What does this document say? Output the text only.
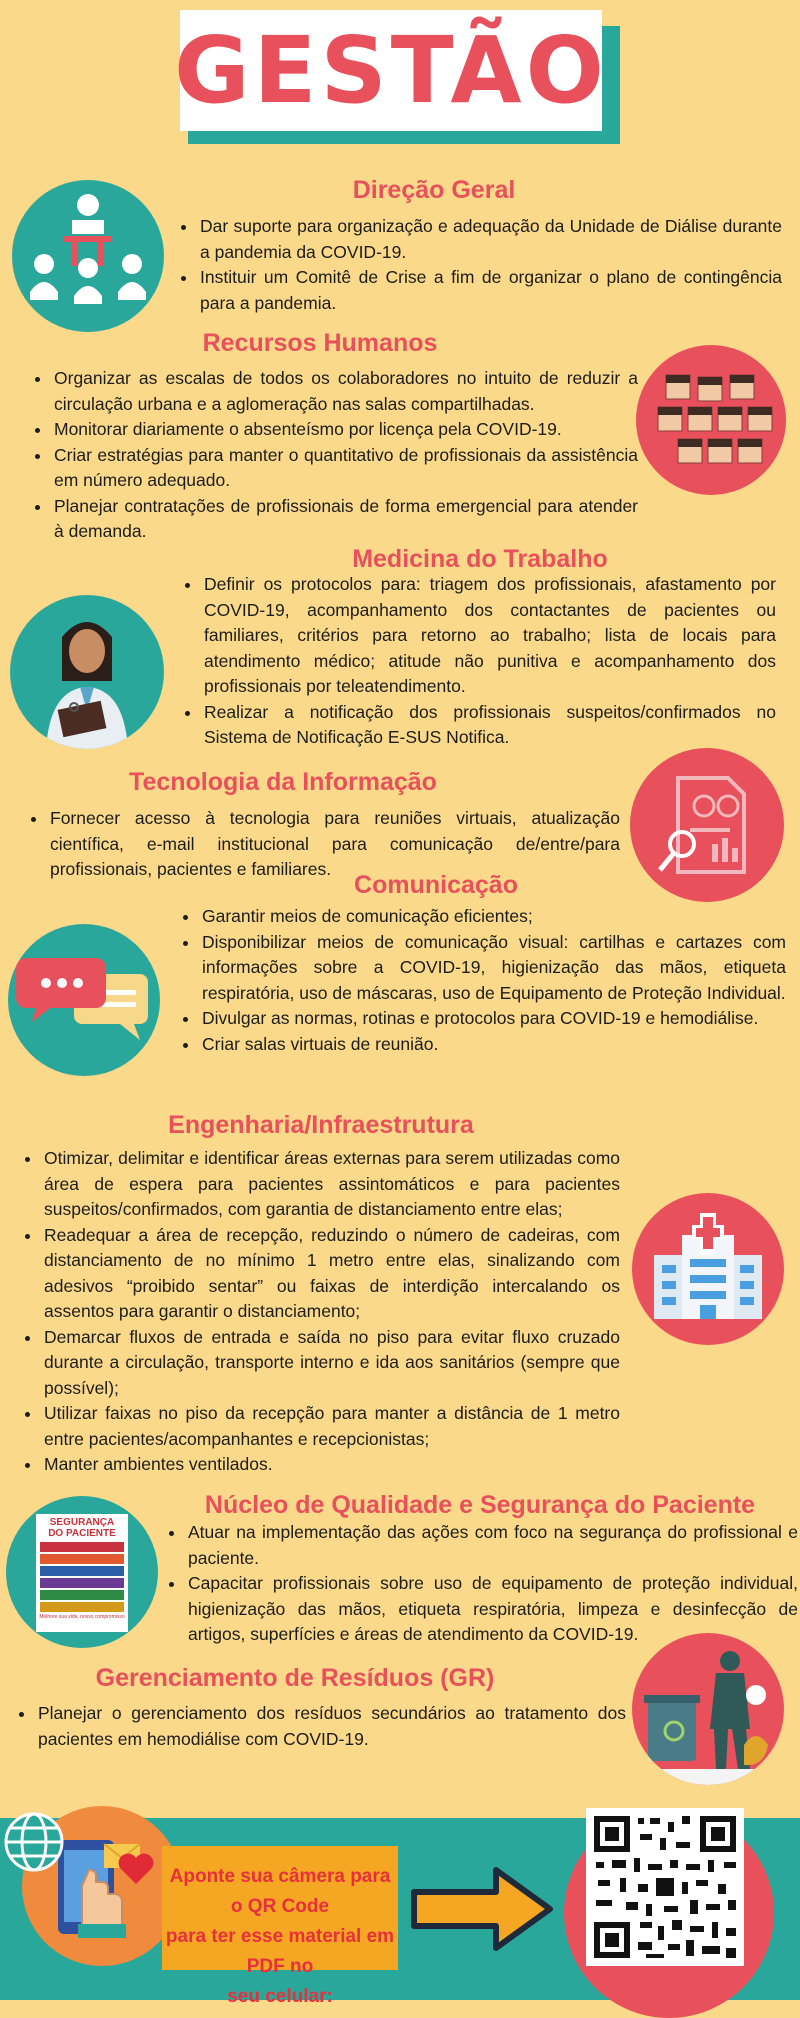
GESTÃO
Direção Geral
• Dar suporte para organização e adequação da Unidade de Diálise durante a pandemia da COVID-19.
• Instituir um Comitê de Crise a fim de organizar o plano de contingência para a pandemia.
Recursos Humanos
• Organizar as escalas de todos os colaboradores no intuito de reduzir a circulação urbana e a aglomeração nas salas compartilhadas.
• Monitorar diariamente o absenteísmo por licença pela COVID-19.
• Criar estratégias para manter o quantitativo de profissionais da assistência em número adequado.
• Planejar contratações de profissionais de forma emergencial para atender à demanda.
Medicina do Trabalho
• Definir os protocolos para: triagem dos profissionais, afastamento por COVID-19, acompanhamento dos contactantes de pacientes ou familiares, critérios para retorno ao trabalho; lista de locais para atendimento médico; atitude não punitiva e acompanhamento dos profissionais por teleatendimento.
• Realizar a notificação dos profissionais suspeitos/confirmados no Sistema de Notificação E-SUS Notifica.
Tecnologia da Informação
• Fornecer acesso à tecnologia para reuniões virtuais, atualização científica, e-mail institucional para comunicação de/entre/para profissionais, pacientes e familiares.
Comunicação
• Garantir meios de comunicação eficientes;
• Disponibilizar meios de comunicação visual: cartilhas e cartazes com informações sobre a COVID-19, higienização das mãos, etiqueta respiratória, uso de máscaras, uso de Equipamento de Proteção Individual.
• Divulgar as normas, rotinas e protocolos para COVID-19 e hemodiálise.
• Criar salas virtuais de reunião.
Engenharia/Infraestrutura
• Otimizar, delimitar e identificar áreas externas para serem utilizadas como área de espera para pacientes assintomáticos e para pacientes suspeitos/confirmados, com garantia de distanciamento entre elas;
• Readequar a área de recepção, reduzindo o número de cadeiras, com distanciamento de no mínimo 1 metro entre elas, sinalizando com adesivos “proibido sentar” ou faixas de interdição intercalando os assentos para garantir o distanciamento;
• Demarcar fluxos de entrada e saída no piso para evitar fluxo cruzado durante a circulação, transporte interno e ida aos sanitários (sempre que possível);
• Utilizar faixas no piso da recepção para manter a distância de 1 metro entre pacientes/acompanhantes e recepcionistas;
• Manter ambientes ventilados.
Núcleo de Qualidade e Segurança do Paciente
• Atuar na implementação das ações com foco na segurança do profissional e paciente.
• Capacitar profissionais sobre uso de equipamento de proteção individual, higienização das mãos, etiqueta respiratória, limpeza e desinfecção de artigos, superfícies e áreas de atendimento da COVID-19.
SEGURANÇA
DO PACIENTE
Melhore sua vida, nosso compromisso
Gerenciamento de Resíduos (GR)
• Planejar o gerenciamento dos resíduos secundários ao tratamento dos pacientes em hemodiálise com COVID-19.
Aponte sua câmera para o QR Code
para ter esse material em PDF no
seu celular:
